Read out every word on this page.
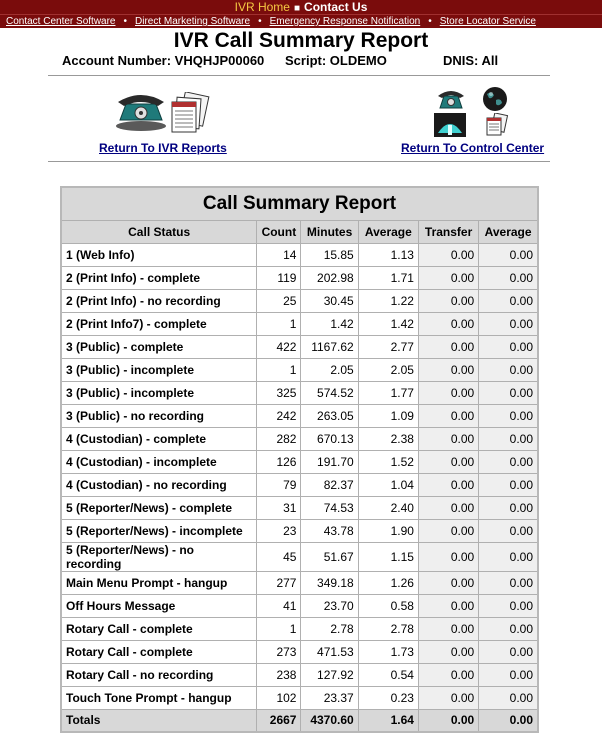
IVR Home ■ Contact Us
Contact Center Software • Direct Marketing Software • Emergency Response Notification • Store Locator Service
IVR Call Summary Report
Account Number: VHQHJP00060 Script: OLDEMO	DNIS: All
Return To IVR Reports	Return To Control Center
Call Summary Report					
Call Status	Count	Minutes	Average	Transfer	Average
1 (Web Info)	14	15.85	1.13	0.00	0.00
2 (Print Info) - complete	119	202.98	1.71	0.00	0.00
2 (Print Info) - no recording	25	30.45	1.22	0.00	0.00
2 (Print Info7) - complete	1	1.42	1.42	0.00	0.00
3 (Public) - complete	422	1167.62	2.77	0.00	0.00
3 (Public) - incomplete	1	2.05	2.05	0.00	0.00
3 (Public) - incomplete	325	574.52	1.77	0.00	0.00
3 (Public) - no recording	242	263.05	1.09	0.00	0.00
4 (Custodian) - complete	282	670.13	2.38	0.00	0.00
4 (Custodian) - incomplete	126	191.70	1.52	0.00	0.00
4 (Custodian) - no recording	79	82.37	1.04	0.00	0.00
5 (Reporter/News) - complete	31	74.53	2.40	0.00	0.00
5 (Reporter/News) - incomplete	23	43.78	1.90	0.00	0.00
5 (Reporter/News) - no recording	45	51.67	1.15	0.00	0.00
Main Menu Prompt - hangup	277	349.18	1.26	0.00	0.00
Off Hours Message	41	23.70	0.58	0.00	0.00
Rotary Call - complete	1	2.78	2.78	0.00	0.00
Rotary Call - complete	273	471.53	1.73	0.00	0.00
Rotary Call - no recording	238	127.92	0.54	0.00	0.00
Touch Tone Prompt - hangup	102	23.37	0.23	0.00	0.00
Totals	2667	4370.60	1.64	0.00	0.00
